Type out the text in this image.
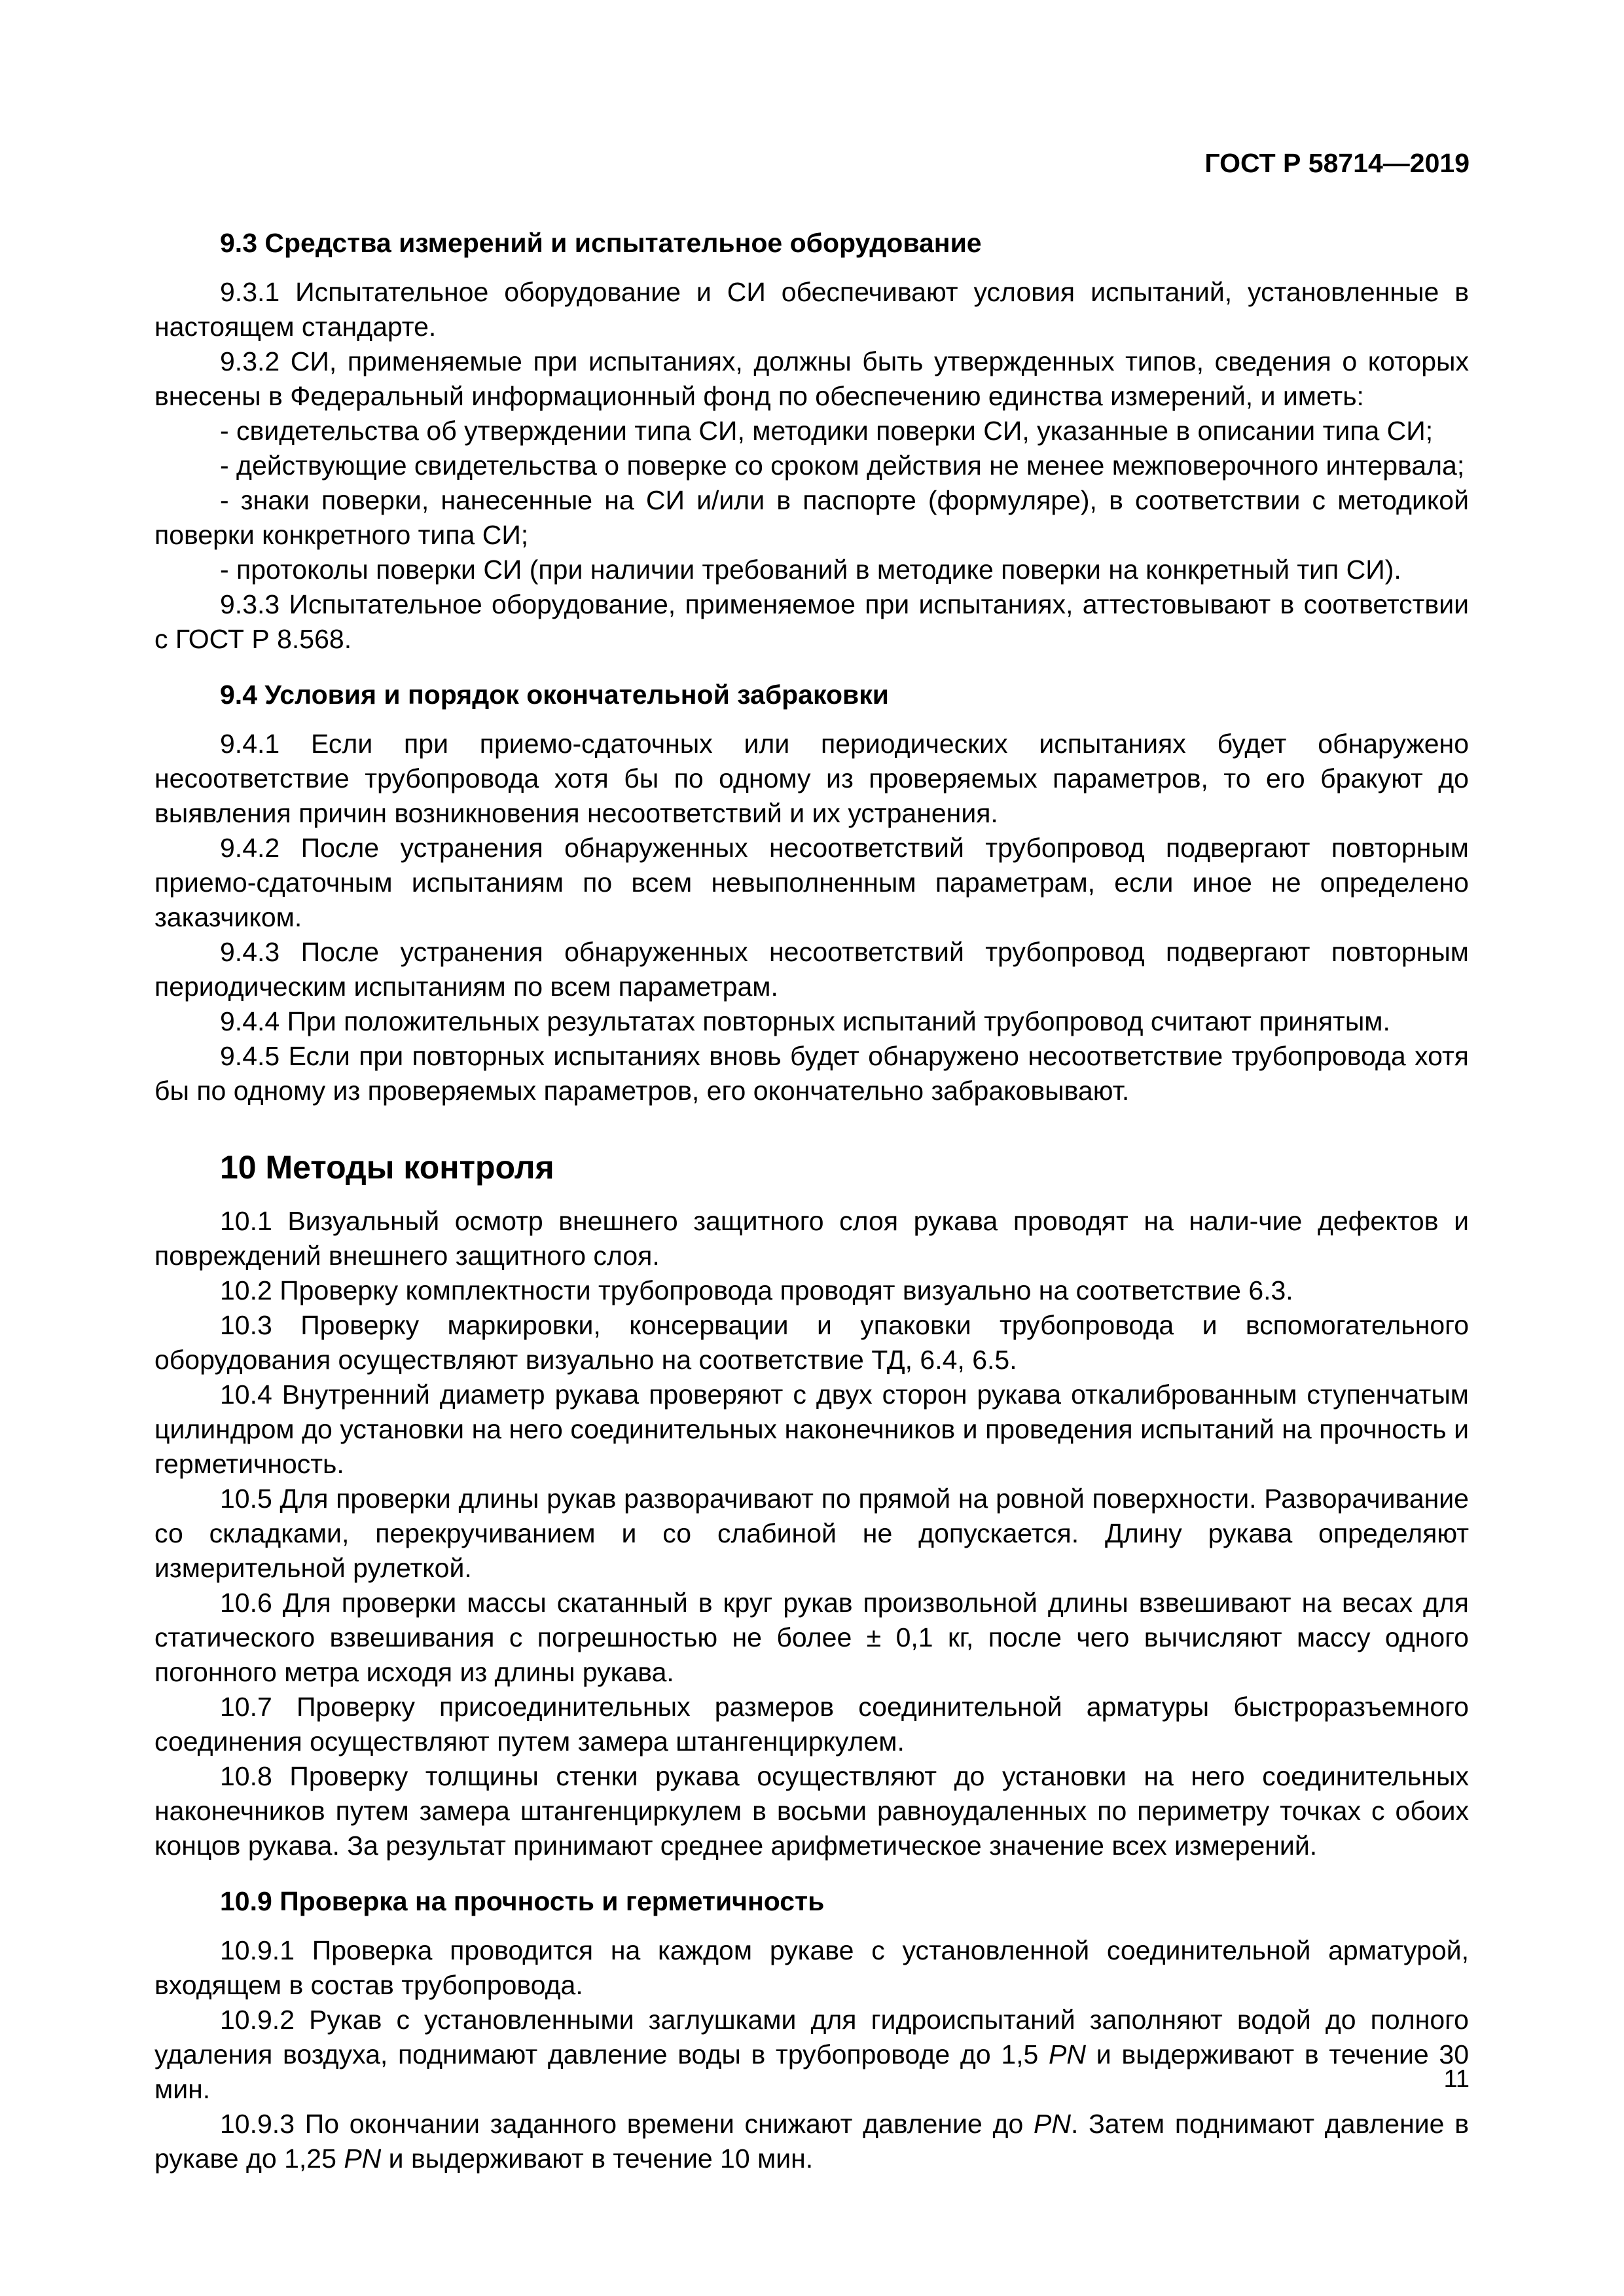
ГОСТ Р 58714—2019

9.3 Средства измерений и испытательное оборудование

9.3.1 Испытательное оборудование и СИ обеспечивают условия испытаний, установленные в настоящем стандарте.

9.3.2 СИ, применяемые при испытаниях, должны быть утвержденных типов, сведения о которых внесены в Федеральный информационный фонд по обеспечению единства измерений, и иметь:

- свидетельства об утверждении типа СИ, методики поверки СИ, указанные в описании типа СИ;

- действующие свидетельства о поверке со сроком действия не менее межповерочного интервала;

- знаки поверки, нанесенные на СИ и/или в паспорте (формуляре), в соответствии с методикой поверки конкретного типа СИ;

- протоколы поверки СИ (при наличии требований в методике поверки на конкретный тип СИ).

9.3.3 Испытательное оборудование, применяемое при испытаниях, аттестовывают в соответствии с ГОСТ Р 8.568.

9.4 Условия и порядок окончательной забраковки

9.4.1 Если при приемо-сдаточных или периодических испытаниях будет обнаружено несоответствие трубопровода хотя бы по одному из проверяемых параметров, то его бракуют до выявления причин возникновения несоответствий и их устранения.

9.4.2 После устранения обнаруженных несоответствий трубопровод подвергают повторным приемо-сдаточным испытаниям по всем невыполненным параметрам, если иное не определено заказчиком.

9.4.3 После устранения обнаруженных несоответствий трубопровод подвергают повторным периодическим испытаниям по всем параметрам.

9.4.4 При положительных результатах повторных испытаний трубопровод считают принятым.

9.4.5 Если при повторных испытаниях вновь будет обнаружено несоответствие трубопровода хотя бы по одному из проверяемых параметров, его окончательно забраковывают.

10 Методы контроля

10.1 Визуальный осмотр внешнего защитного слоя рукава проводят на нали-чие дефектов и повреждений внешнего защитного слоя.

10.2 Проверку комплектности трубопровода проводят визуально на соответствие 6.3.

10.3 Проверку маркировки, консервации и упаковки трубопровода и вспомогательного оборудования осуществляют визуально на соответствие ТД, 6.4, 6.5.

10.4 Внутренний диаметр рукава проверяют с двух сторон рукава откалиброванным ступенчатым цилиндром до установки на него соединительных наконечников и проведения испытаний на прочность и герметичность.

10.5 Для проверки длины рукав разворачивают по прямой на ровной поверхности. Разворачивание со складками, перекручиванием и со слабиной не допускается. Длину рукава определяют измерительной рулеткой.

10.6 Для проверки массы скатанный в круг рукав произвольной длины взвешивают на весах для статического взвешивания с погрешностью не более ± 0,1 кг, после чего вычисляют массу одного погонного метра исходя из длины рукава.

10.7 Проверку присоединительных размеров соединительной арматуры быстроразъемного соединения осуществляют путем замера штангенциркулем.

10.8 Проверку толщины стенки рукава осуществляют до установки на него соединительных наконечников путем замера штангенциркулем в восьми равноудаленных по периметру точках с обоих концов рукава. За результат принимают среднее арифметическое значение всех измерений.

10.9 Проверка на прочность и герметичность

10.9.1 Проверка проводится на каждом рукаве с установленной соединительной арматурой, входящем в состав трубопровода.

10.9.2 Рукав с установленными заглушками для гидроиспытаний заполняют водой до полного удаления воздуха, поднимают давление воды в трубопроводе до 1,5 PN и выдерживают в течение 30 мин.

10.9.3 По окончании заданного времени снижают давление до PN. Затем поднимают давление в рукаве до 1,25 PN и выдерживают в течение 10 мин.

11
